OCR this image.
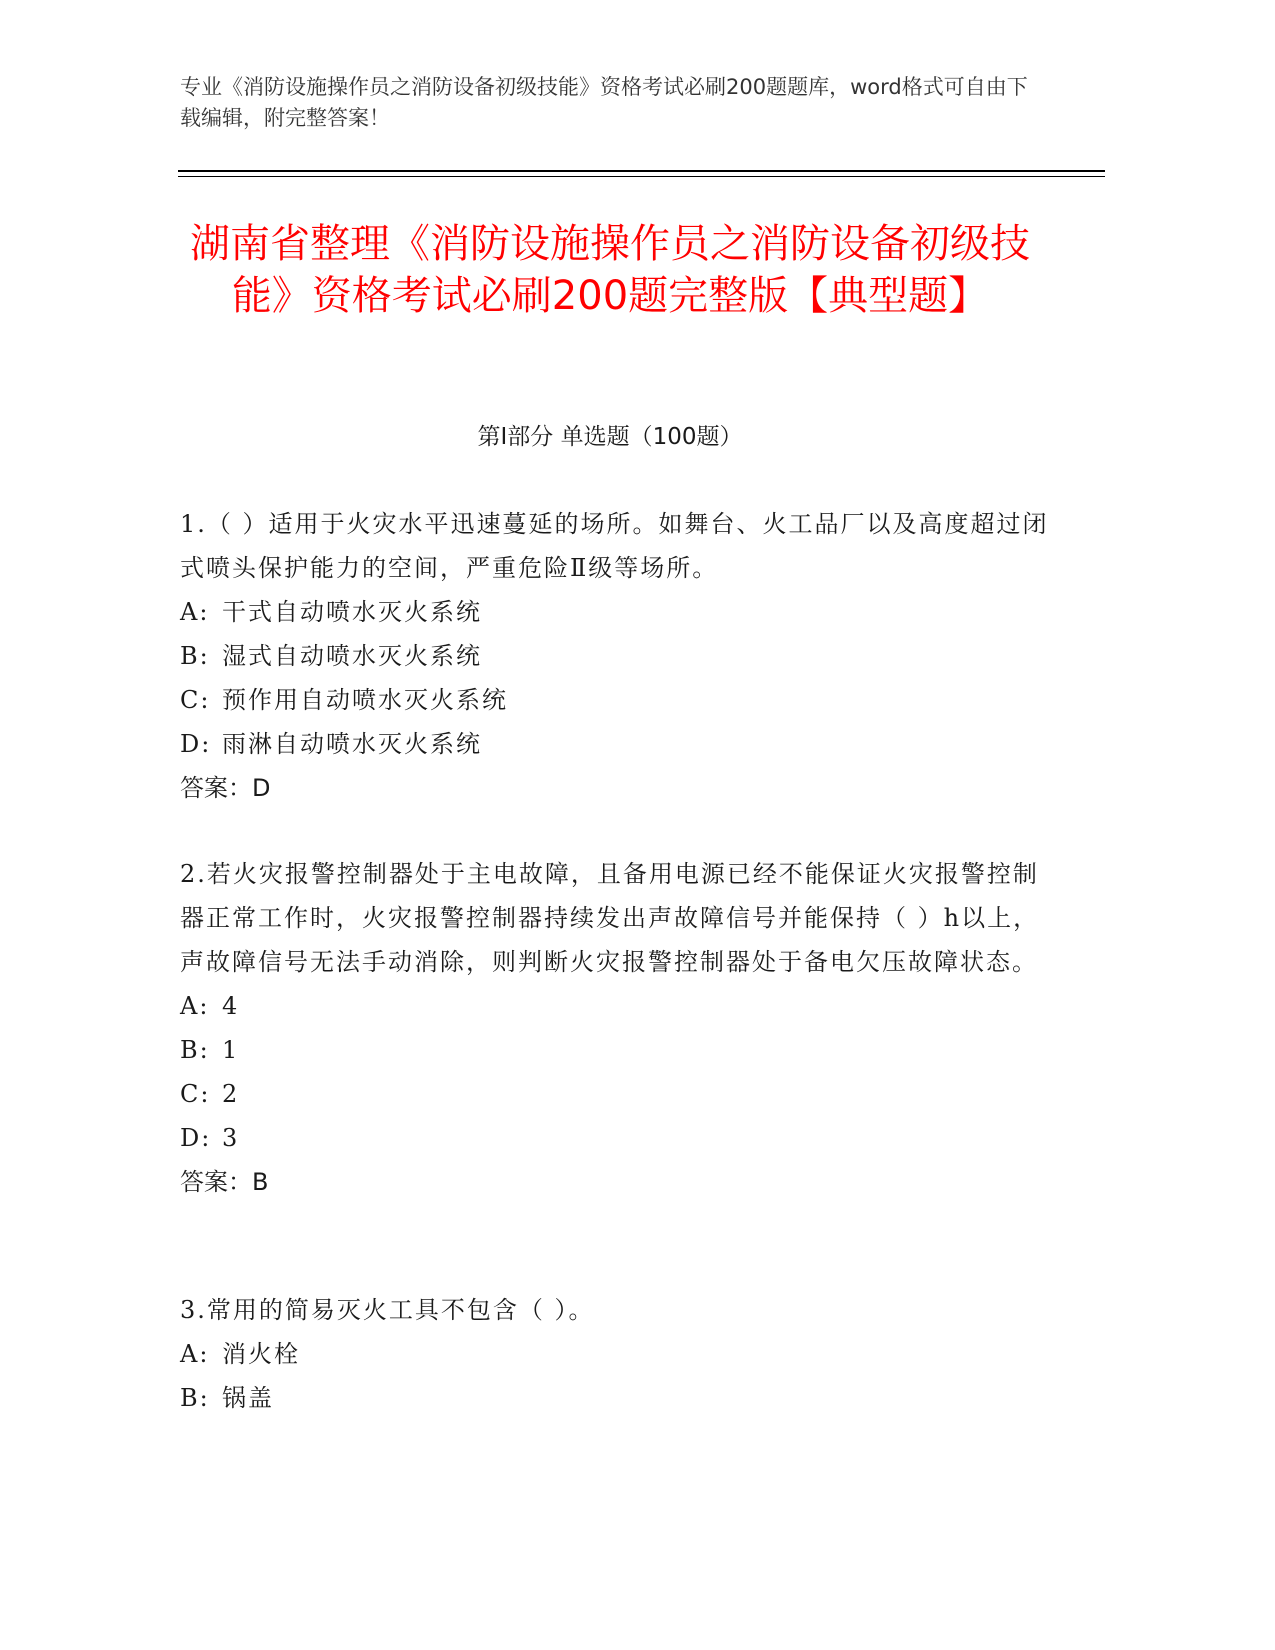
专业《消防设施操作员之消防设备初级技能》资格考试必刷200题题库，word格式可自由下载编辑，附完整答案！
湖南省整理《消防设施操作员之消防设备初级技能》资格考试必刷200题完整版【典型题】
第I部分 单选题（100题）

1.（ ）适用于火灾水平迅速蔓延的场所。如舞台、火工品厂以及高度超过闭式喷头保护能力的空间，严重危险Ⅱ级等场所。

A: 干式自动喷水灭火系统

B: 湿式自动喷水灭火系统

C: 预作用自动喷水灭火系统

D: 雨淋自动喷水灭火系统

答案：D

2.若火灾报警控制器处于主电故障，且备用电源已经不能保证火灾报警控制器正常工作时，火灾报警控制器持续发出声故障信号并能保持（ ）h以上，声故障信号无法手动消除，则判断火灾报警控制器处于备电欠压故障状态。

A: 4

B: 1

C: 2

D: 3

答案：B

3.常用的简易灭火工具不包含（ ）。

A: 消火栓

B: 锅盖
